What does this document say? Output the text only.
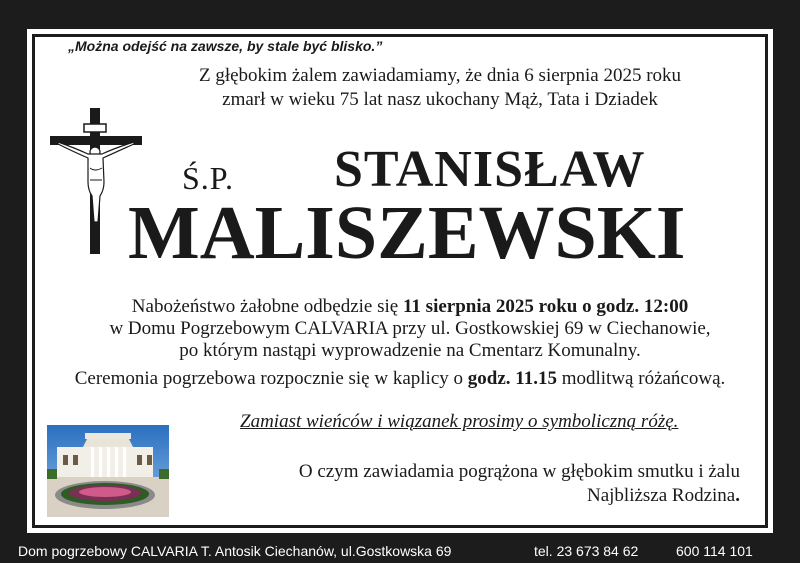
„Można odejść na zawsze, by stale być blisko.”
Z głębokim żalem zawiadamiamy, że dnia 6 sierpnia 2025 roku
zmarł w wieku 75 lat nasz ukochany Mąż, Tata i Dziadek
Ś.P. STANISŁAW
MALISZEWSKI
Nabożeństwo żałobne odbędzie się 11 sierpnia 2025 roku o godz. 12:00
w Domu Pogrzebowym CALVARIA przy ul. Gostkowskiej 69 w Ciechanowie,
po którym nastąpi wyprowadzenie na Cmentarz Komunalny.
Ceremonia pogrzebowa rozpocznie się w kaplicy o godz. 11.15 modlitwą różańcową.
Zamiast wieńców i wiązanek prosimy o symboliczną różę.
O czym zawiadamia pogrążona w głębokim smutku i żalu
Najbliższa Rodzina.
Dom pogrzebowy CALVARIA T. Antosik Ciechanów, ul.Gostkowska 69	tel. 23 673 84 62	600 114 101
